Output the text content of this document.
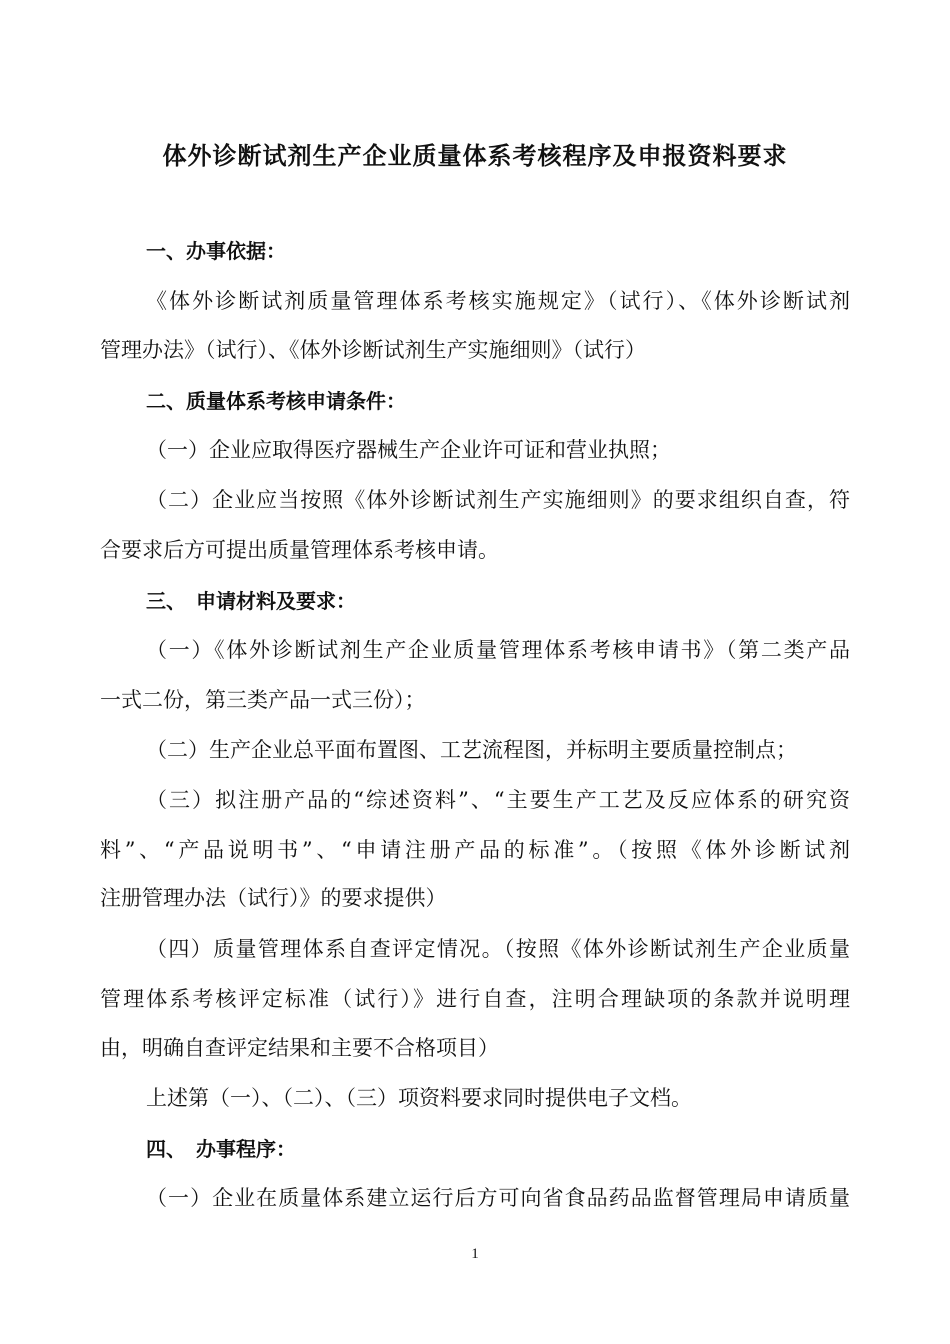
体外诊断试剂生产企业质量体系考核程序及申报资料要求
一、办事依据：
《体外诊断试剂质量管理体系考核实施规定》（试行）、《体外诊断试剂
管理办法》（试行）、《体外诊断试剂生产实施细则》（试行）
二、质量体系考核申请条件：
（一）企业应取得医疗器械生产企业许可证和营业执照；
（二）企业应当按照《体外诊断试剂生产实施细则》的要求组织自查，符
合要求后方可提出质量管理体系考核申请。
三、　申请材料及要求：
（一）《体外诊断试剂生产企业质量管理体系考核申请书》（第二类产品
一式二份，第三类产品一式三份）；
（二）生产企业总平面布置图、工艺流程图，并标明主要质量控制点；
（三）拟注册产品的“综述资料”、“主要生产工艺及反应体系的研究资
料”、“产品说明书”、“申请注册产品的标准”。（按照《体外诊断试剂
注册管理办法（试行）》的要求提供）
（四）质量管理体系自查评定情况。（按照《体外诊断试剂生产企业质量
管理体系考核评定标准（试行）》进行自查，注明合理缺项的条款并说明理
由，明确自查评定结果和主要不合格项目）
上述第（一）、（二）、（三）项资料要求同时提供电子文档。
四、　办事程序：
（一）企业在质量体系建立运行后方可向省食品药品监督管理局申请质量
1
